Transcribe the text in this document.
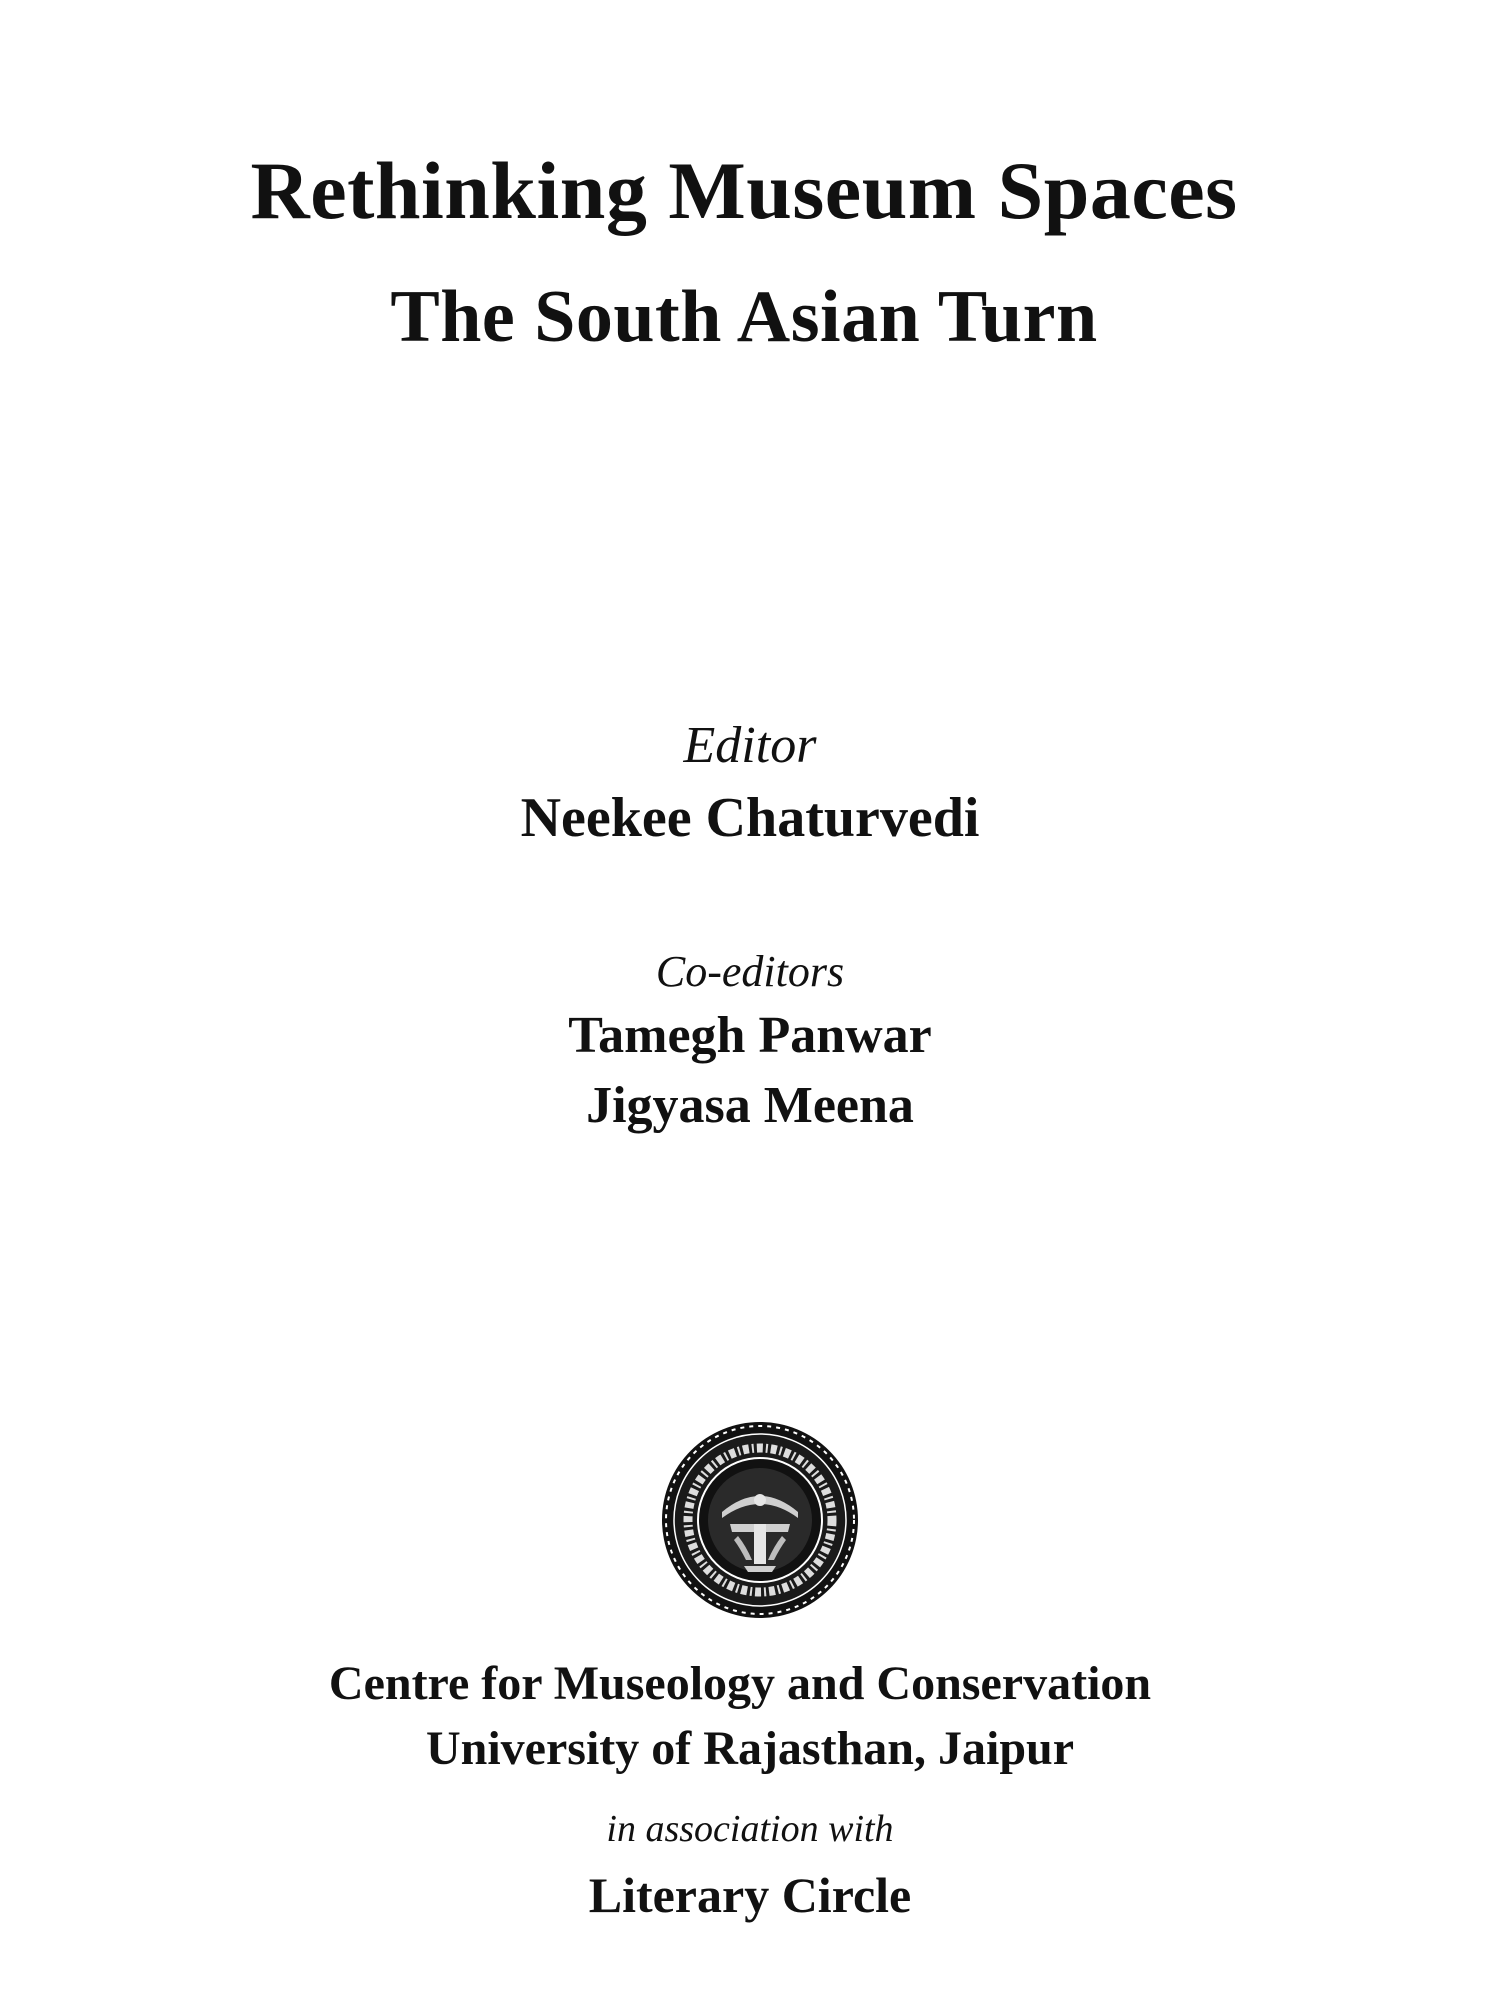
Rethinking Museum Spaces
The South Asian Turn
Editor
Neekee Chaturvedi
Co-editors
Tamegh Panwar
Jigyasa Meena
Centre for Museology and Conservation
University of Rajasthan, Jaipur
in association with
Literary Circle
